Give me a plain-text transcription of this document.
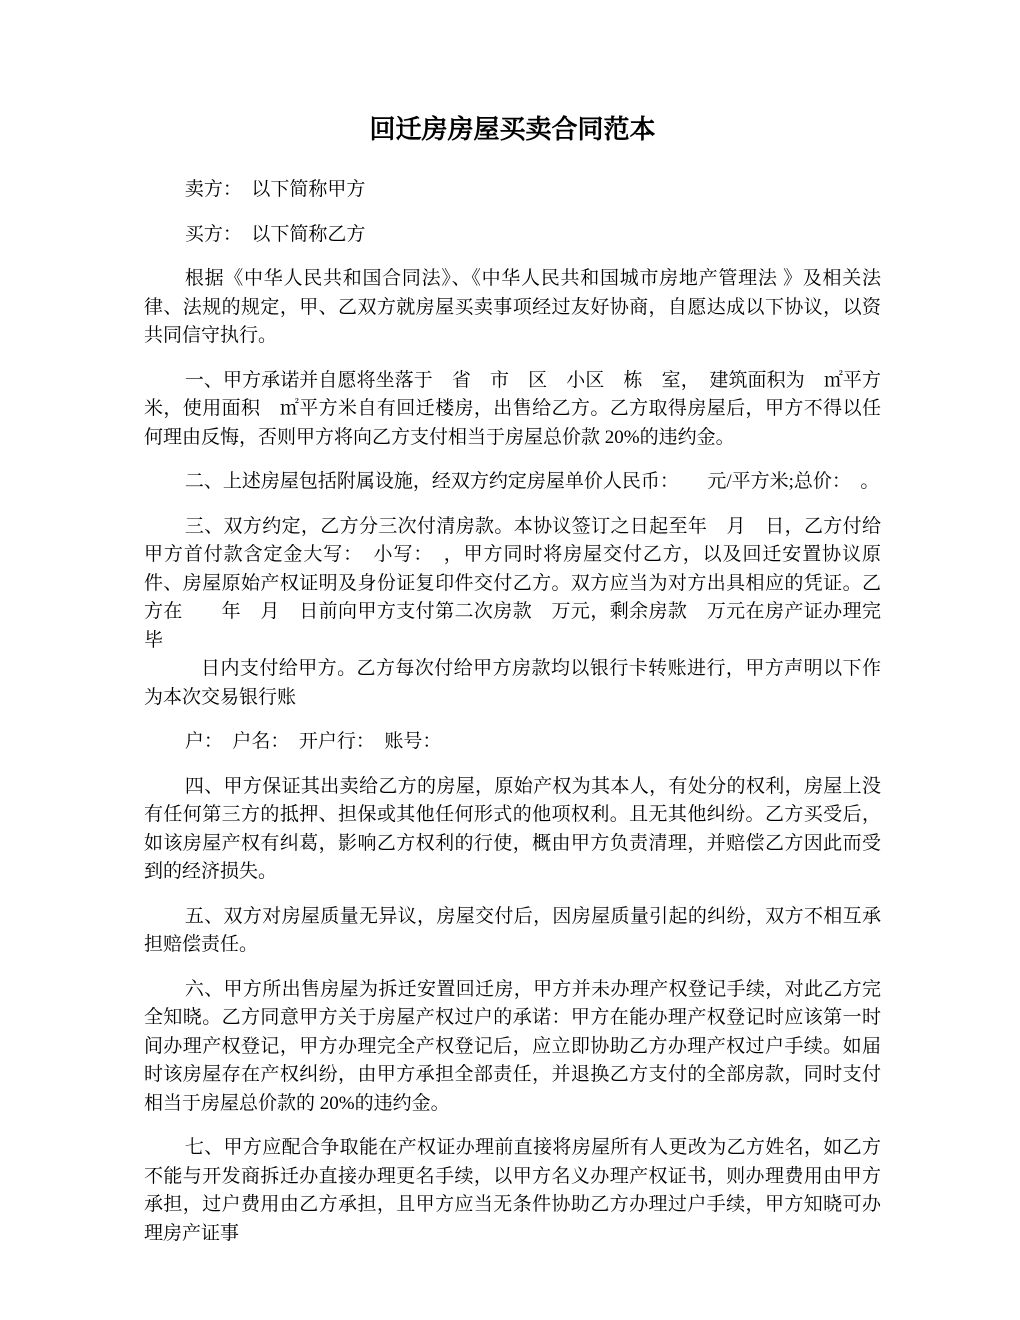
回迁房房屋买卖合同范本

卖方：　以下简称甲方

买方：　以下简称乙方

根据《中华人民共和国合同法》、《中华人民共和国城市房地产管理法 》及相关法律、法规的规定，甲、乙双方就房屋买卖事项经过友好协商，自愿达成以下协议，以资共同信守执行。

一、甲方承诺并自愿将坐落于　省　市　区　小区　栋　室，　建筑面积为　㎡平方米，使用面积　㎡平方米自有回迁楼房，出售给乙方。乙方取得房屋后，甲方不得以任何理由反悔，否则甲方将向乙方支付相当于房屋总价款 20%的违约金。

二、上述房屋包括附属设施，经双方约定房屋单价人民币：　　元/平方米;总价：　。

三、双方约定，乙方分三次付清房款。本协议签订之日起至年　月　日，乙方付给甲方首付款含定金大写：　小写：　，甲方同时将房屋交付乙方，以及回迁安置协议原件、房屋原始产权证明及身份证复印件交付乙方。双方应当为对方出具相应的凭证。乙方在　　年　月　日前向甲方支付第二次房款　万元，剩余房款　万元在房产证办理完毕

日内支付给甲方。乙方每次付给甲方房款均以银行卡转账进行，甲方声明以下作为本次交易银行账

户：　户名：　开户行：　账号：

四、甲方保证其出卖给乙方的房屋，原始产权为其本人，有处分的权利，房屋上没有任何第三方的抵押、担保或其他任何形式的他项权利。且无其他纠纷。乙方买受后，如该房屋产权有纠葛，影响乙方权利的行使，概由甲方负责清理，并赔偿乙方因此而受到的经济损失。

五、双方对房屋质量无异议，房屋交付后，因房屋质量引起的纠纷，双方不相互承担赔偿责任。

六、甲方所出售房屋为拆迁安置回迁房，甲方并未办理产权登记手续，对此乙方完全知晓。乙方同意甲方关于房屋产权过户的承诺：甲方在能办理产权登记时应该第一时间办理产权登记，甲方办理完全产权登记后，应立即协助乙方办理产权过户手续。如届时该房屋存在产权纠纷，由甲方承担全部责任，并退换乙方支付的全部房款，同时支付相当于房屋总价款的 20%的违约金。

七、甲方应配合争取能在产权证办理前直接将房屋所有人更改为乙方姓名，如乙方不能与开发商拆迁办直接办理更名手续，以甲方名义办理产权证书，则办理费用由甲方承担，过户费用由乙方承担，且甲方应当无条件协助乙方办理过户手续，甲方知晓可办理房产证事
